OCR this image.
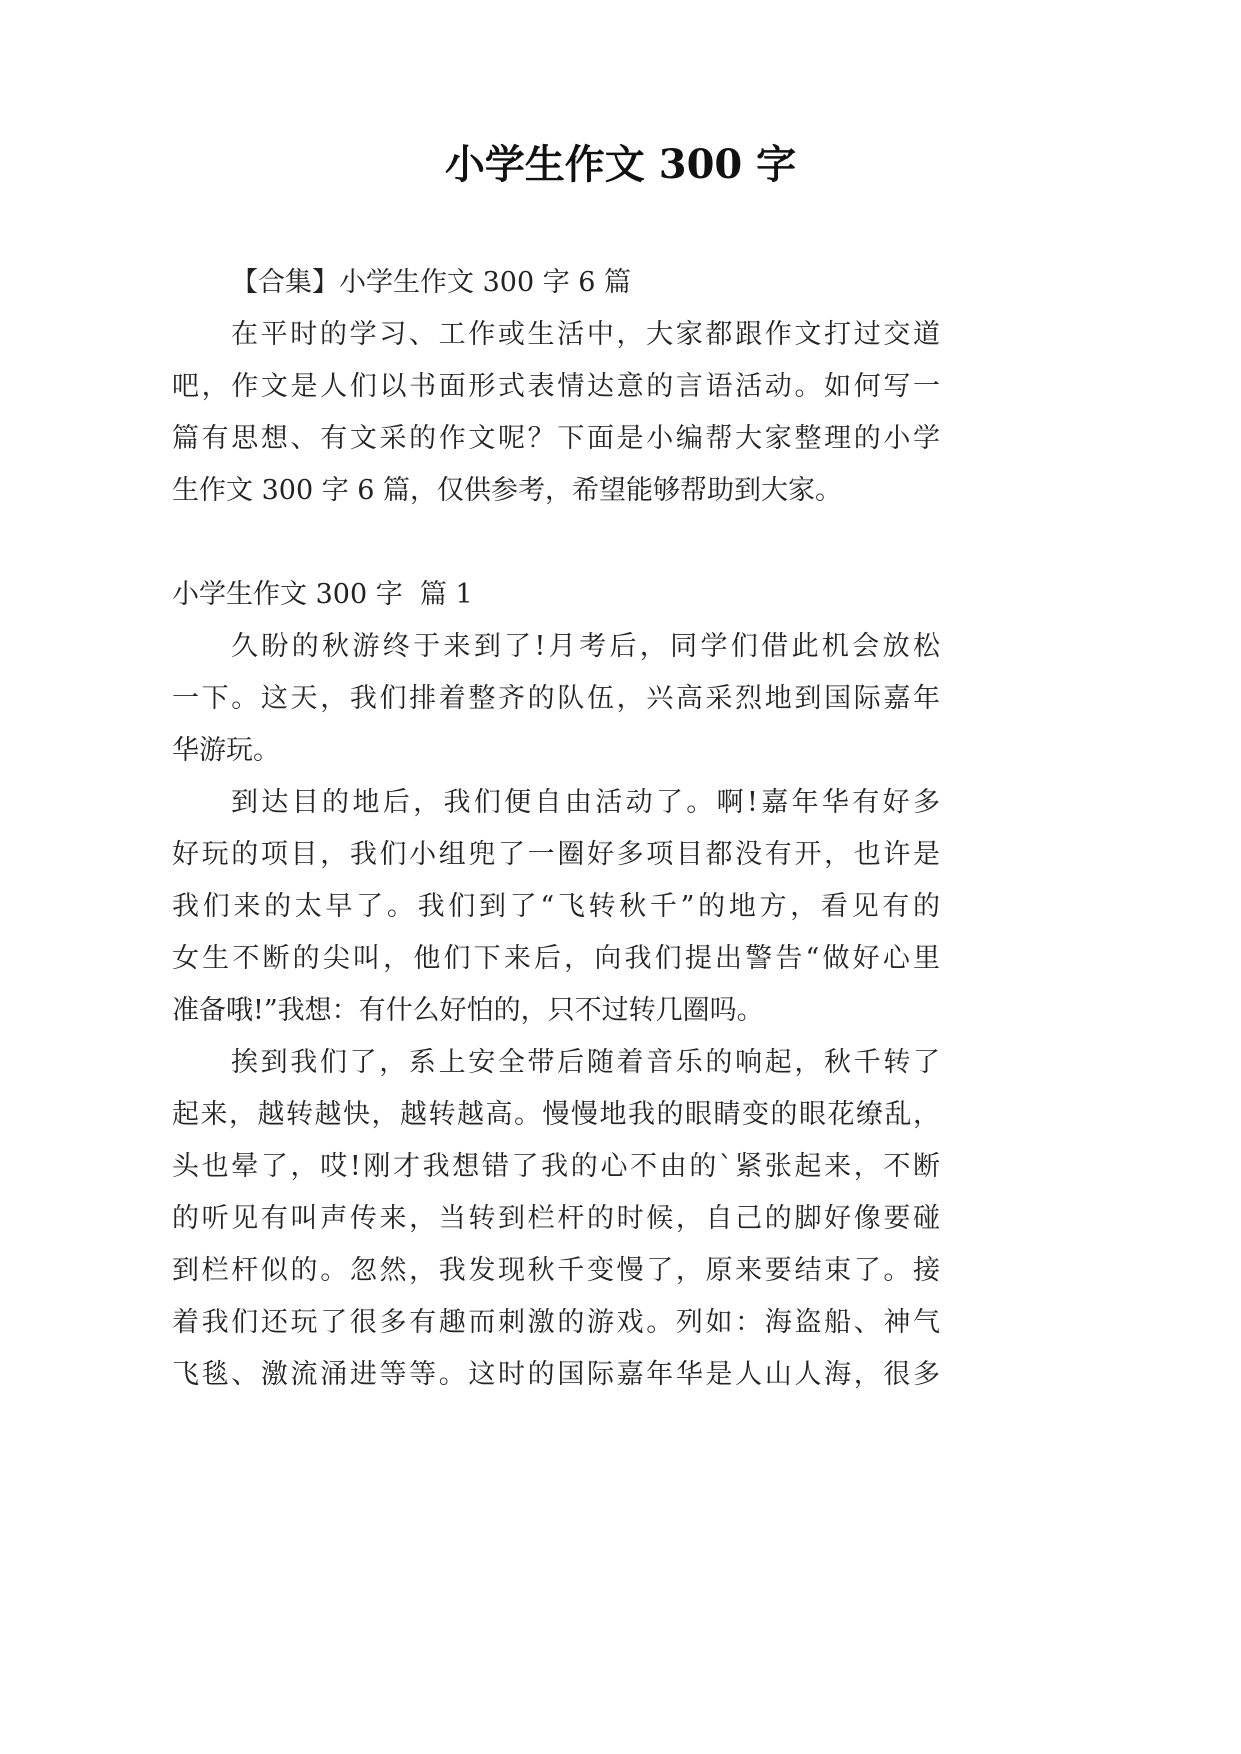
小学生作文 300 字
【合集】小学生作文 300 字 6 篇
在平时的学习、工作或生活中，大家都跟作文打过交道
吧，作文是人们以书面形式表情达意的言语活动。如何写一
篇有思想、有文采的作文呢？下面是小编帮大家整理的小学
生作文 300 字 6 篇，仅供参考，希望能够帮助到大家。
小学生作文 300 字  篇 1
久盼的秋游终于来到了!月考后，同学们借此机会放松
一下。这天，我们排着整齐的队伍，兴高采烈地到国际嘉年
华游玩。
到达目的地后，我们便自由活动了。啊!嘉年华有好多
好玩的项目，我们小组兜了一圈好多项目都没有开，也许是
我们来的太早了。我们到了“飞转秋千”的地方，看见有的
女生不断的尖叫，他们下来后，向我们提出警告“做好心里
准备哦!”我想：有什么好怕的，只不过转几圈吗。
挨到我们了，系上安全带后随着音乐的响起，秋千转了
起来，越转越快，越转越高。慢慢地我的眼睛变的眼花缭乱，
头也晕了，哎!刚才我想错了我的心不由的`紧张起来，不断
的听见有叫声传来，当转到栏杆的时候，自己的脚好像要碰
到栏杆似的。忽然，我发现秋千变慢了，原来要结束了。接
着我们还玩了很多有趣而刺激的游戏。列如：海盗船、神气
飞毯、激流涌进等等。这时的国际嘉年华是人山人海，很多
